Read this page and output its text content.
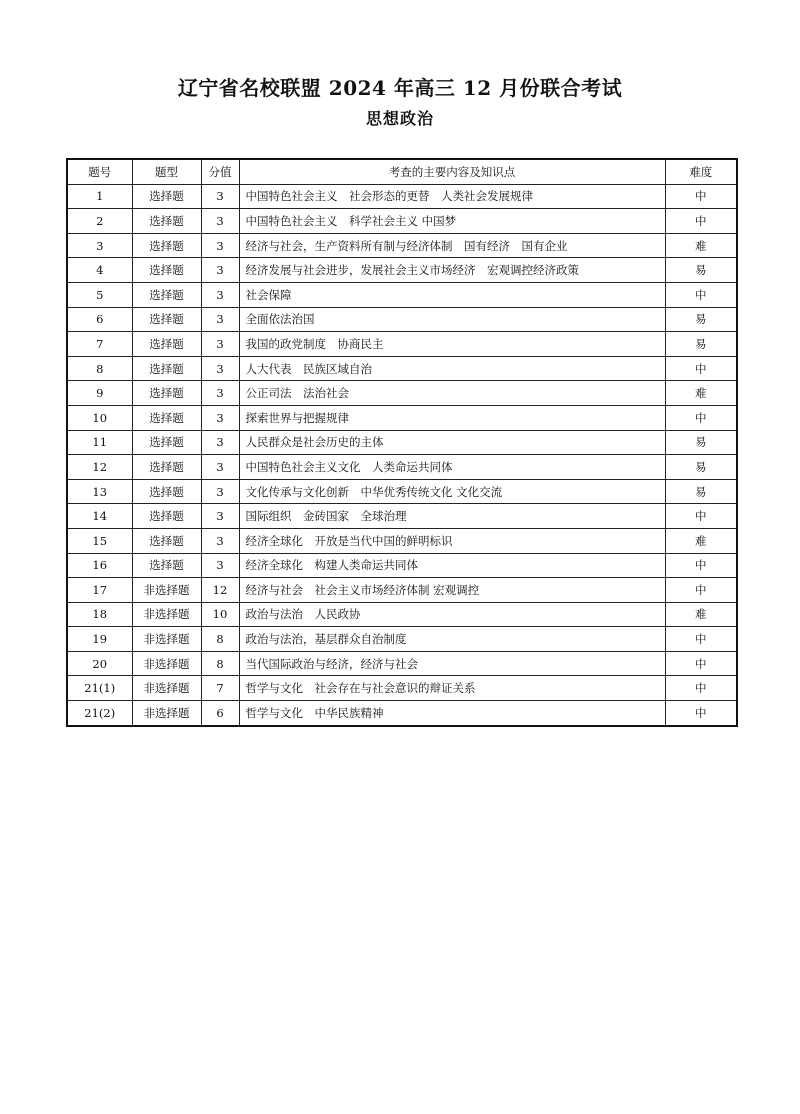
辽宁省名校联盟 2024 年高三 12 月份联合考试
思想政治
题号	题型	分值	考查的主要内容及知识点	难度
1	选择题	3	中国特色社会主义　社会形态的更替　人类社会发展规律	中
2	选择题	3	中国特色社会主义　科学社会主义 中国梦	中
3	选择题	3	经济与社会，生产资料所有制与经济体制　国有经济　国有企业	难
4	选择题	3	经济发展与社会进步，发展社会主义市场经济　宏观调控经济政策	易
5	选择题	3	社会保障	中
6	选择题	3	全面依法治国	易
7	选择题	3	我国的政党制度　协商民主	易
8	选择题	3	人大代表　民族区域自治	中
9	选择题	3	公正司法　法治社会	难
10	选择题	3	探索世界与把握规律	中
11	选择题	3	人民群众是社会历史的主体	易
12	选择题	3	中国特色社会主义文化　人类命运共同体	易
13	选择题	3	文化传承与文化创新　中华优秀传统文化 文化交流	易
14	选择题	3	国际组织　金砖国家　全球治理	中
15	选择题	3	经济全球化　开放是当代中国的鲜明标识	难
16	选择题	3	经济全球化　构建人类命运共同体	中
17	非选择题	12	经济与社会　社会主义市场经济体制 宏观调控	中
18	非选择题	10	政治与法治　人民政协	难
19	非选择题	8	政治与法治，基层群众自治制度	中
20	非选择题	8	当代国际政治与经济，经济与社会	中
21(1)	非选择题	7	哲学与文化　社会存在与社会意识的辩证关系	中
21(2)	非选择题	6	哲学与文化　中华民族精神	中
